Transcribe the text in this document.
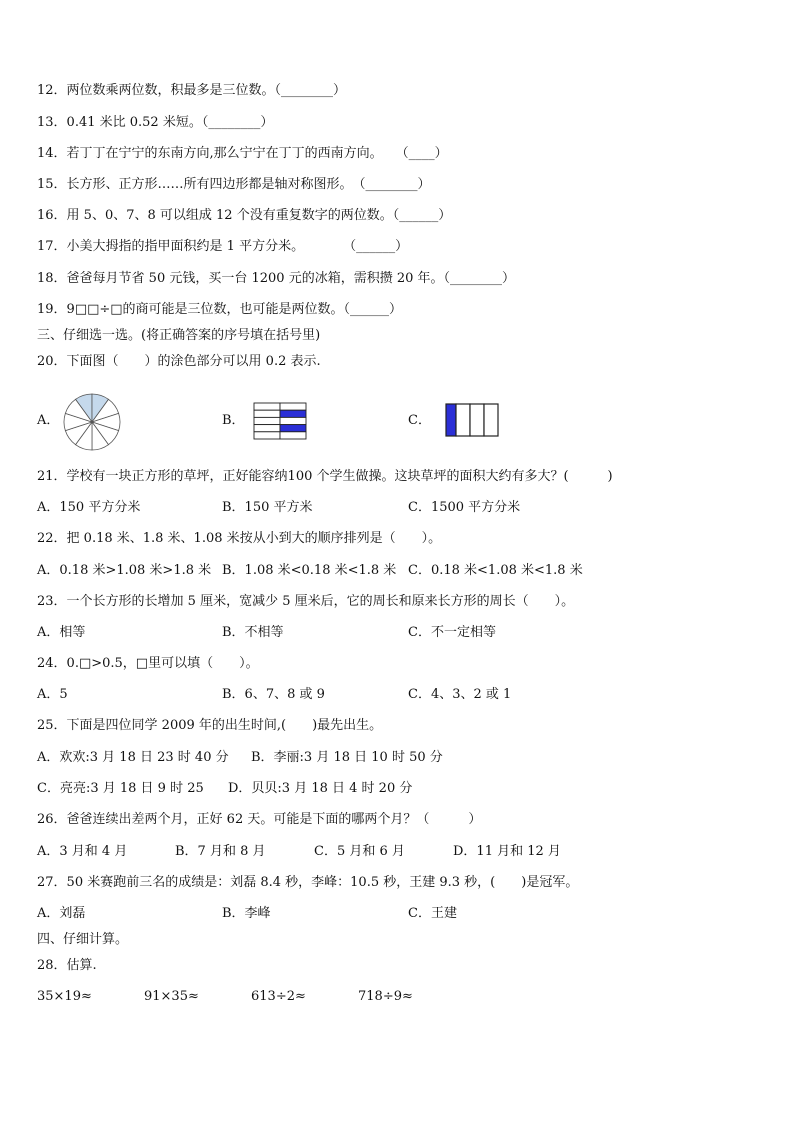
12．两位数乘两位数，积最多是三位数。（________）
13．0.41 米比 0.52 米短。（________）
14．若丁丁在宁宁的东南方向,那么宁宁在丁丁的西南方向。　　（____）
15．长方形、正方形……所有四边形都是轴对称图形。　（________）
16．用 5、0、7、8 可以组成 12 个没有重复数字的两位数。（______）
17．小美大拇指的指甲面积约是 1 平方分米。　　　　（______）
18．爸爸每月节省 50 元钱，买一台 1200 元的冰箱，需积攒 20 年。（________）
19．9□□÷□的商可能是三位数，也可能是两位数。（______）
三、仔细选一选。(将正确答案的序号填在括号里)
20．下面图（　　）的涂色部分可以用 0.2 表示.
A．	B．	C．
21．学校有一块正方形的草坪，正好能容纳100 个学生做操。这块草坪的面积大约有多大？(　　　)
A．150 平方分米	B．150 平方米	C．1500 平方分米
22．把 0.18 米、1.8 米、1.08 米按从小到大的顺序排列是（　　）。
A．0.18 米>1.08 米>1.8 米 B．1.08 米<0.18 米<1.8 米 C．0.18 米<1.08 米<1.8 米
23．一个长方形的长增加 5 厘米，宽减少 5 厘米后，它的周长和原来长方形的周长（　　）。
A．相等	B．不相等	C．不一定相等
24．0.□>0.5，□里可以填（　　）。
A．5	B．6、7、8 或 9	C．4、3、2 或 1
25．下面是四位同学 2009 年的出生时间,(　　)最先出生。
A．欢欢:3 月 18 日 23 时 40 分 B．李丽:3 月 18 日 10 时 50 分
C．亮亮:3 月 18 日 9 时 25 D．贝贝:3 月 18 日 4 时 20 分
26．爸爸连续出差两个月，正好 62 天。可能是下面的哪两个月？（　　　）
A．3 月和 4 月	B．7 月和 8 月	C．5 月和 6 月	D．11 月和 12 月
27．50 米赛跑前三名的成绩是：刘磊 8.4 秒，李峰：10.5 秒，王建 9.3 秒，(　　)是冠军。
A．刘磊	B．李峰	C．王建
四、仔细计算。
28．估算.
35×19≈	91×35≈	613÷2≈	718÷9≈
